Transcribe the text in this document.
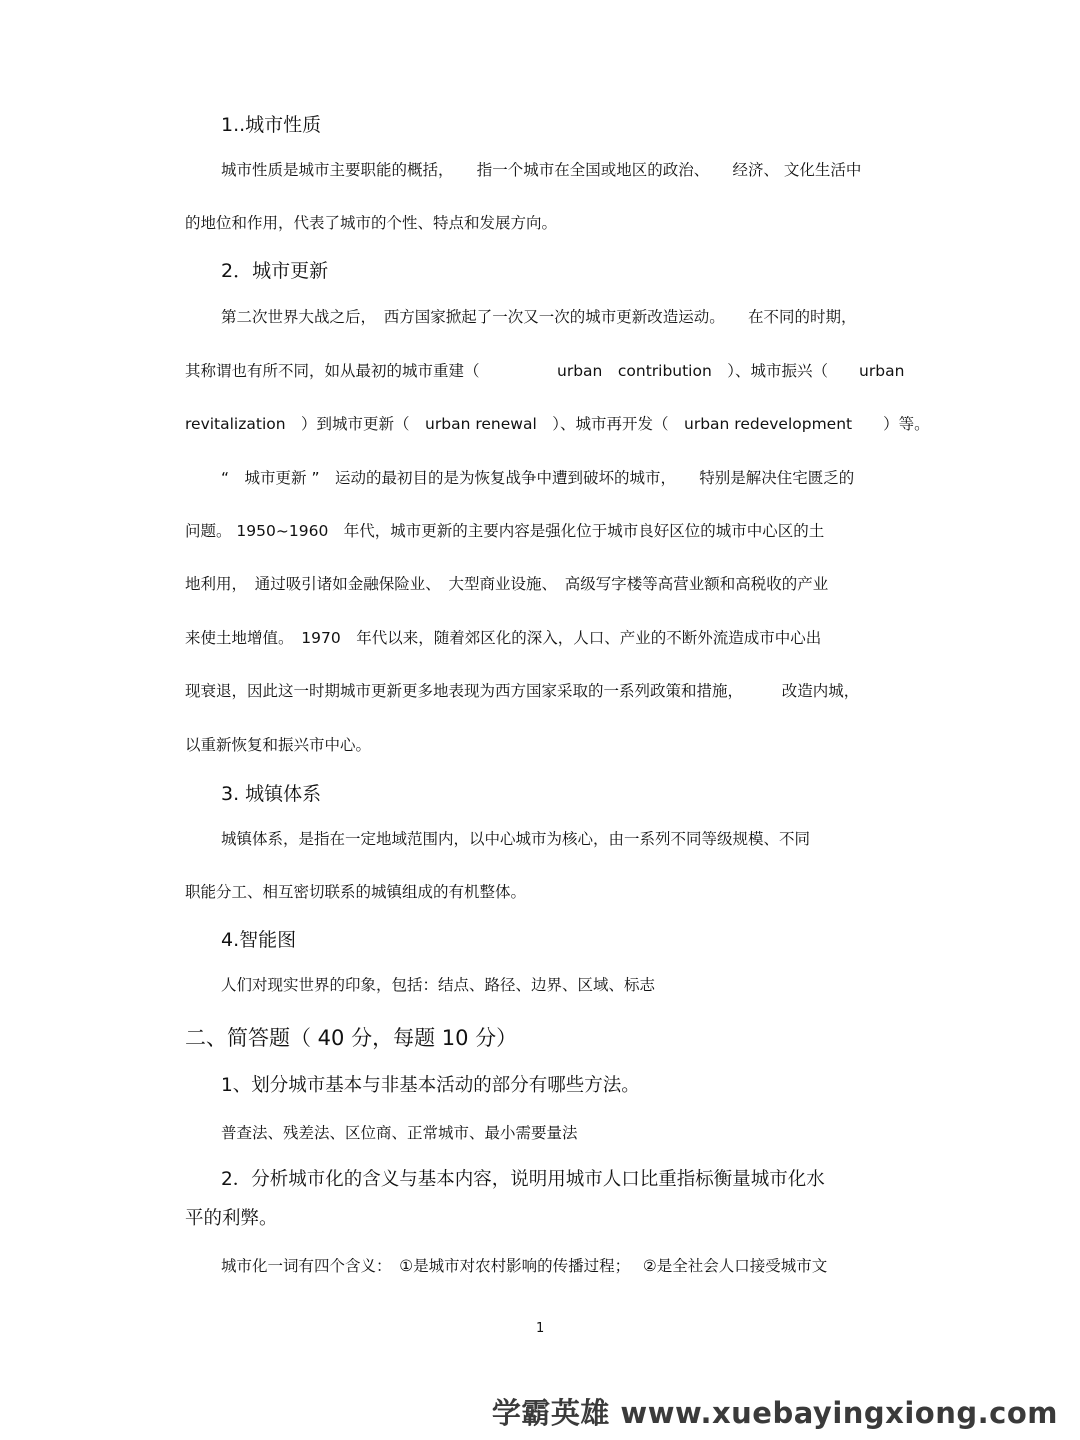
1..城市性质
城市性质是城市主要职能的概括，　　指一个城市在全国或地区的政治、　　经济、 文化生活中
的地位和作用，代表了城市的个性、特点和发展方向。
2．城市更新
第二次世界大战之后，　西方国家掀起了一次又一次的城市更新改造运动。　　在不同的时期，
其称谓也有所不同，如从最初的城市重建（　　　　　urban　contribution　）、城市振兴（　　urban
revitalization　）到城市更新（　urban renewal　）、城市再开发（　urban redevelopment　　）等。
“　城市更新 ”　运动的最初目的是为恢复战争中遭到破坏的城市，　　特别是解决住宅匮乏的
问题。 1950~1960　年代，城市更新的主要内容是强化位于城市良好区位的城市中心区的土
地利用，　通过吸引诸如金融保险业、　大型商业设施、　高级写字楼等高营业额和高税收的产业
来使土地增值。　1970　年代以来，随着郊区化的深入，人口、产业的不断外流造成市中心出
现衰退，因此这一时期城市更新更多地表现为西方国家采取的一系列政策和措施，　　　改造内城，
以重新恢复和振兴市中心。
3. 城镇体系
城镇体系，是指在一定地域范围内，以中心城市为核心，由一系列不同等级规模、不同
职能分工、相互密切联系的城镇组成的有机整体。
4.智能图
人们对现实世界的印象，包括：结点、路径、边界、区域、标志
二、简答题（ 40 分，每题 10 分）
1、划分城市基本与非基本活动的部分有哪些方法。
普查法、残差法、区位商、正常城市、最小需要量法
2．分析城市化的含义与基本内容，说明用城市人口比重指标衡量城市化水
平的利弊。
城市化一词有四个含义：　①是城市对农村影响的传播过程；　 ②是全社会人口接受城市文
1
学霸英雄 www.xuebayingxiong.com
